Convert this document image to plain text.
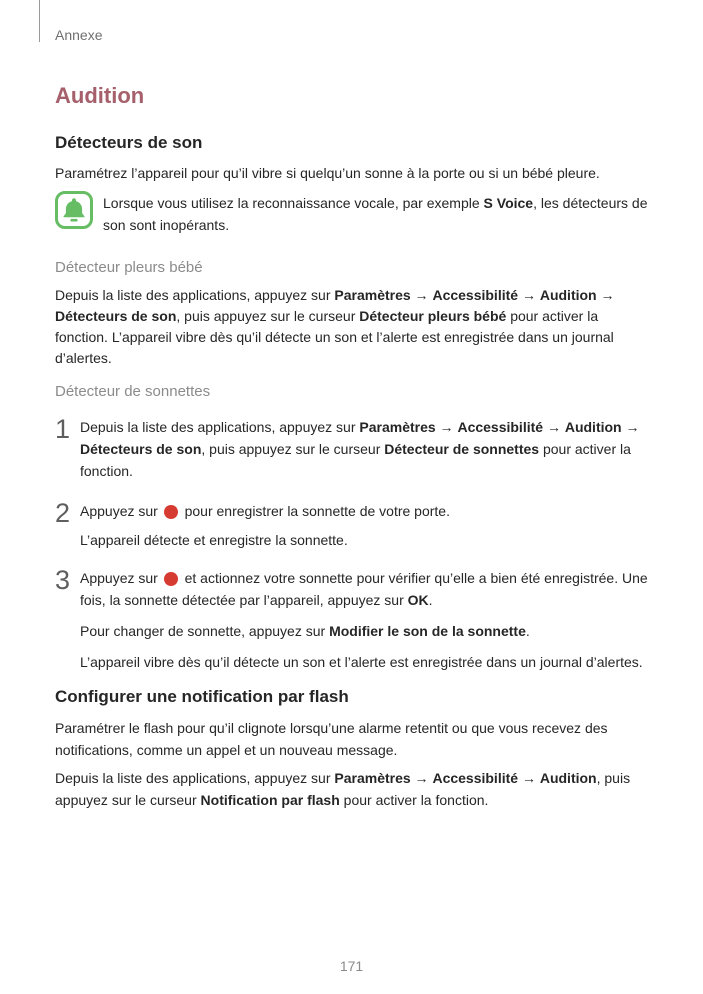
Annexe
Audition
Détecteurs de son

Paramétrez l’appareil pour qu’il vibre si quelqu’un sonne à la porte ou si un bébé pleure.

Lorsque vous utilisez la reconnaissance vocale, par exemple S Voice, les détecteurs de son sont inopérants.

Détecteur pleurs bébé

Depuis la liste des applications, appuyez sur Paramètres → Accessibilité → Audition → Détecteurs de son, puis appuyez sur le curseur Détecteur pleurs bébé pour activer la fonction. L’appareil vibre dès qu’il détecte un son et l’alerte est enregistrée dans un journal d’alertes.

Détecteur de sonnettes
1 Depuis la liste des applications, appuyez sur Paramètres → Accessibilité → Audition → Détecteurs de son, puis appuyez sur le curseur Détecteur de sonnettes pour activer la fonction.

2 Appuyez sur  pour enregistrer la sonnette de votre porte.

L’appareil détecte et enregistre la sonnette.

3 Appuyez sur  et actionnez votre sonnette pour vérifier qu’elle a bien été enregistrée. Une fois, la sonnette détectée par l’appareil, appuyez sur OK.

Pour changer de sonnette, appuyez sur Modifier le son de la sonnette.

L’appareil vibre dès qu’il détecte un son et l’alerte est enregistrée dans un journal d’alertes.

Configurer une notification par flash

Paramétrer le flash pour qu’il clignote lorsqu’une alarme retentit ou que vous recevez des notifications, comme un appel et un nouveau message.

Depuis la liste des applications, appuyez sur Paramètres → Accessibilité → Audition, puis appuyez sur le curseur Notification par flash pour activer la fonction.

171
